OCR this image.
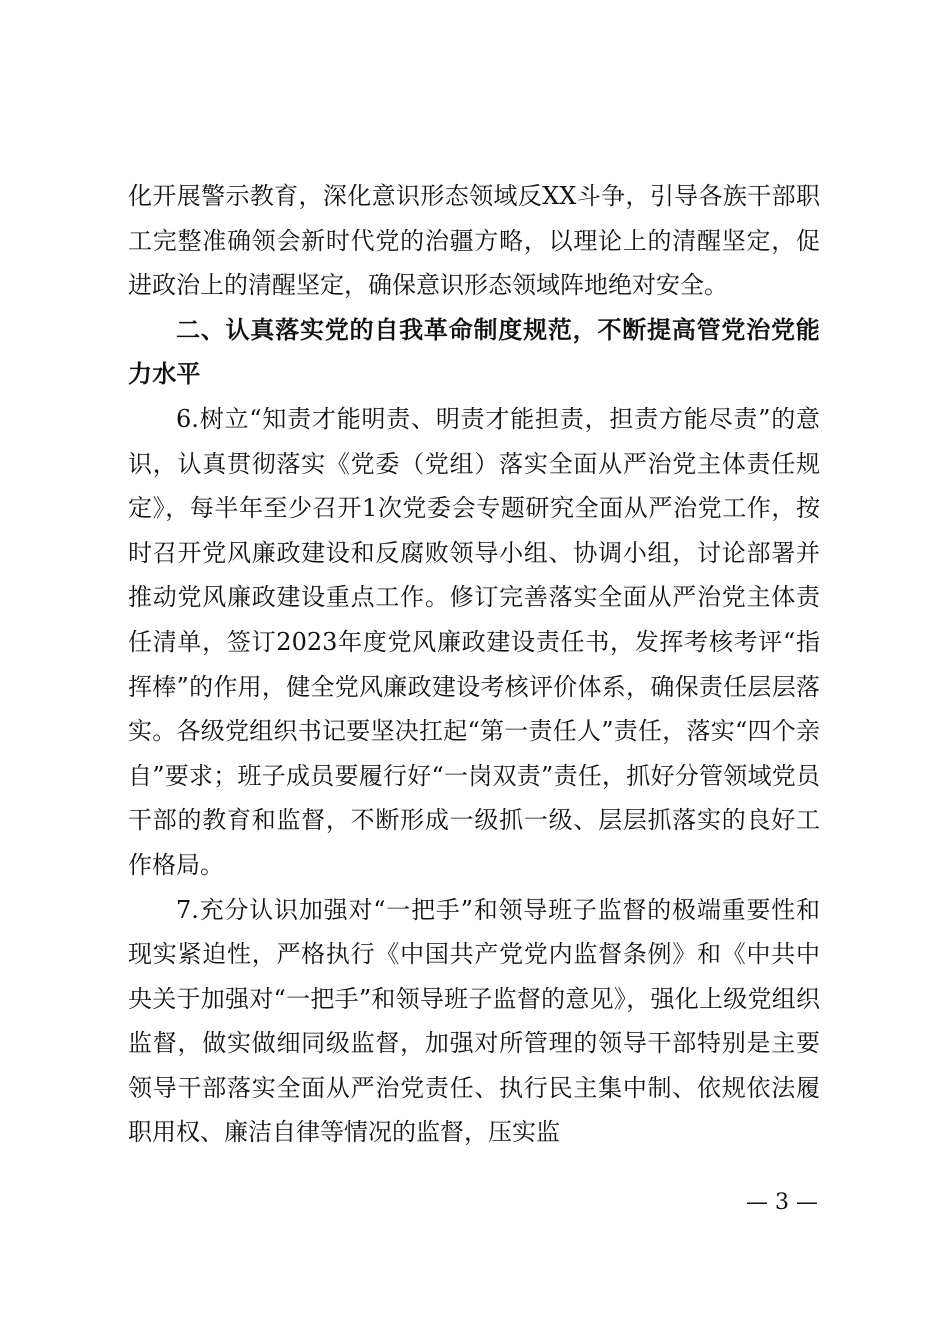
化开展警示教育，深化意识形态领域反XX斗争，引导各族干部职工完整准确领会新时代党的治疆方略，以理论上的清醒坚定，促进政治上的清醒坚定，确保意识形态领域阵地绝对安全。

二、认真落实党的自我革命制度规范，不断提高管党治党能力水平

6.树立“知责才能明责、明责才能担责，担责方能尽责”的意识，认真贯彻落实《党委（党组）落实全面从严治党主体责任规定》，每半年至少召开1次党委会专题研究全面从严治党工作，按时召开党风廉政建设和反腐败领导小组、协调小组，讨论部署并推动党风廉政建设重点工作。修订完善落实全面从严治党主体责任清单，签订2023年度党风廉政建设责任书，发挥考核考评“指挥棒”的作用，健全党风廉政建设考核评价体系，确保责任层层落实。各级党组织书记要坚决扛起“第一责任人”责任，落实“四个亲自”要求；班子成员要履行好“一岗双责”责任，抓好分管领域党员干部的教育和监督，不断形成一级抓一级、层层抓落实的良好工作格局。

7.充分认识加强对“一把手”和领导班子监督的极端重要性和现实紧迫性，严格执行《中国共产党党内监督条例》和《中共中央关于加强对“一把手”和领导班子监督的意见》，强化上级党组织监督，做实做细同级监督，加强对所管理的领导干部特别是主要领导干部落实全面从严治党责任、执行民主集中制、依规依法履职用权、廉洁自律等情况的监督，压实监

— 3 —
